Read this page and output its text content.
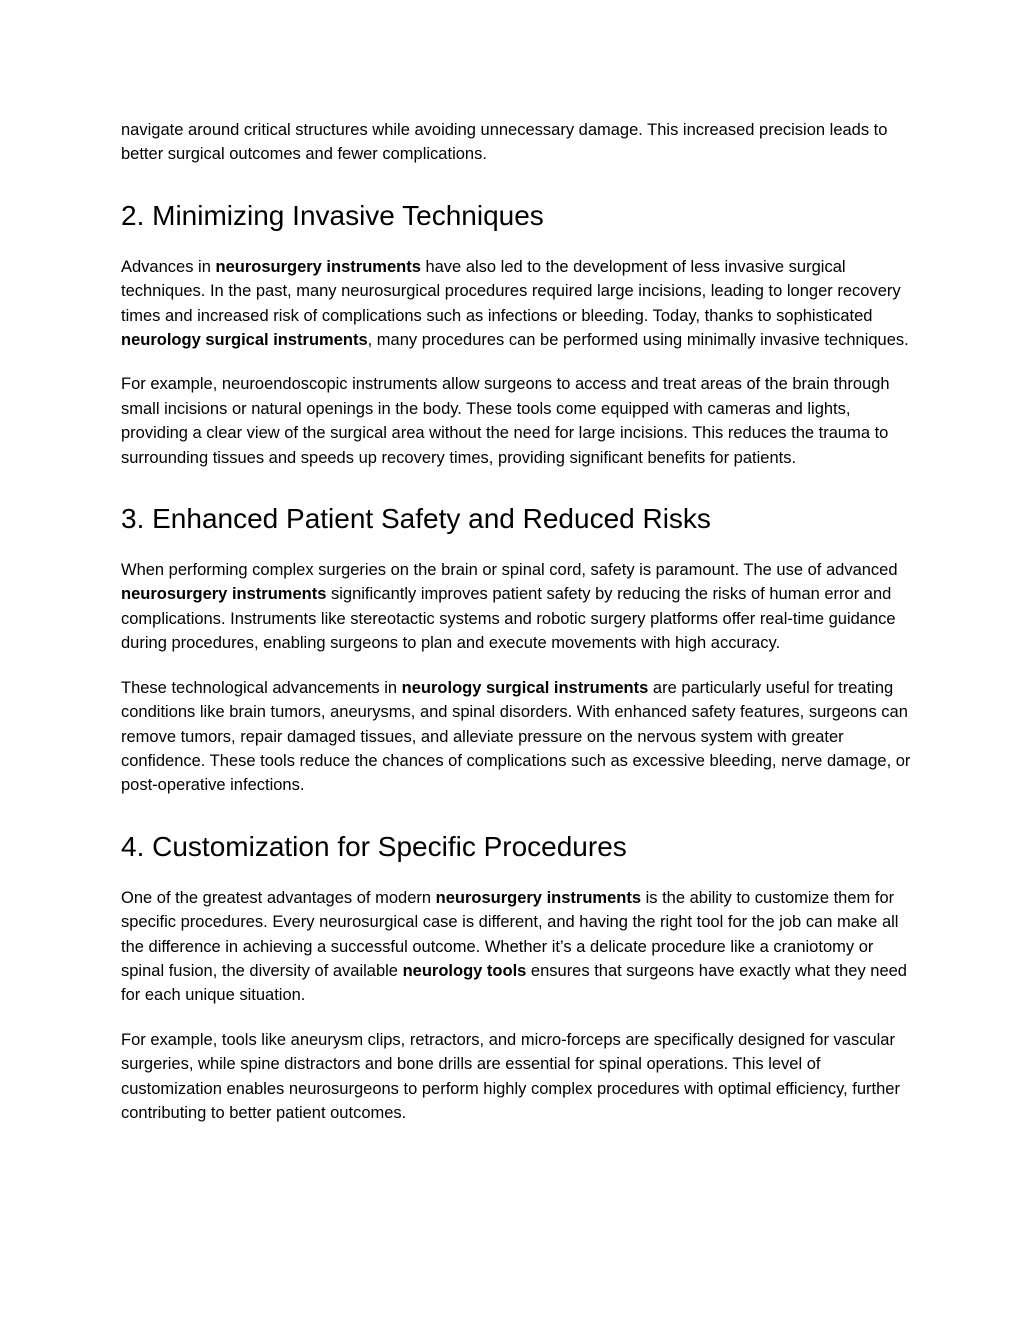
navigate around critical structures while avoiding unnecessary damage. This increased precision leads to better surgical outcomes and fewer complications.

2. Minimizing Invasive Techniques

Advances in neurosurgery instruments have also led to the development of less invasive surgical techniques. In the past, many neurosurgical procedures required large incisions, leading to longer recovery times and increased risk of complications such as infections or bleeding. Today, thanks to sophisticated neurology surgical instruments, many procedures can be performed using minimally invasive techniques.

For example, neuroendoscopic instruments allow surgeons to access and treat areas of the brain through small incisions or natural openings in the body. These tools come equipped with cameras and lights, providing a clear view of the surgical area without the need for large incisions. This reduces the trauma to surrounding tissues and speeds up recovery times, providing significant benefits for patients.

3. Enhanced Patient Safety and Reduced Risks

When performing complex surgeries on the brain or spinal cord, safety is paramount. The use of advanced neurosurgery instruments significantly improves patient safety by reducing the risks of human error and complications. Instruments like stereotactic systems and robotic surgery platforms offer real-time guidance during procedures, enabling surgeons to plan and execute movements with high accuracy.

These technological advancements in neurology surgical instruments are particularly useful for treating conditions like brain tumors, aneurysms, and spinal disorders. With enhanced safety features, surgeons can remove tumors, repair damaged tissues, and alleviate pressure on the nervous system with greater confidence. These tools reduce the chances of complications such as excessive bleeding, nerve damage, or post-operative infections.

4. Customization for Specific Procedures

One of the greatest advantages of modern neurosurgery instruments is the ability to customize them for specific procedures. Every neurosurgical case is different, and having the right tool for the job can make all the difference in achieving a successful outcome. Whether it’s a delicate procedure like a craniotomy or spinal fusion, the diversity of available neurology tools ensures that surgeons have exactly what they need for each unique situation.

For example, tools like aneurysm clips, retractors, and micro-forceps are specifically designed for vascular surgeries, while spine distractors and bone drills are essential for spinal operations. This level of customization enables neurosurgeons to perform highly complex procedures with optimal efficiency, further contributing to better patient outcomes.
